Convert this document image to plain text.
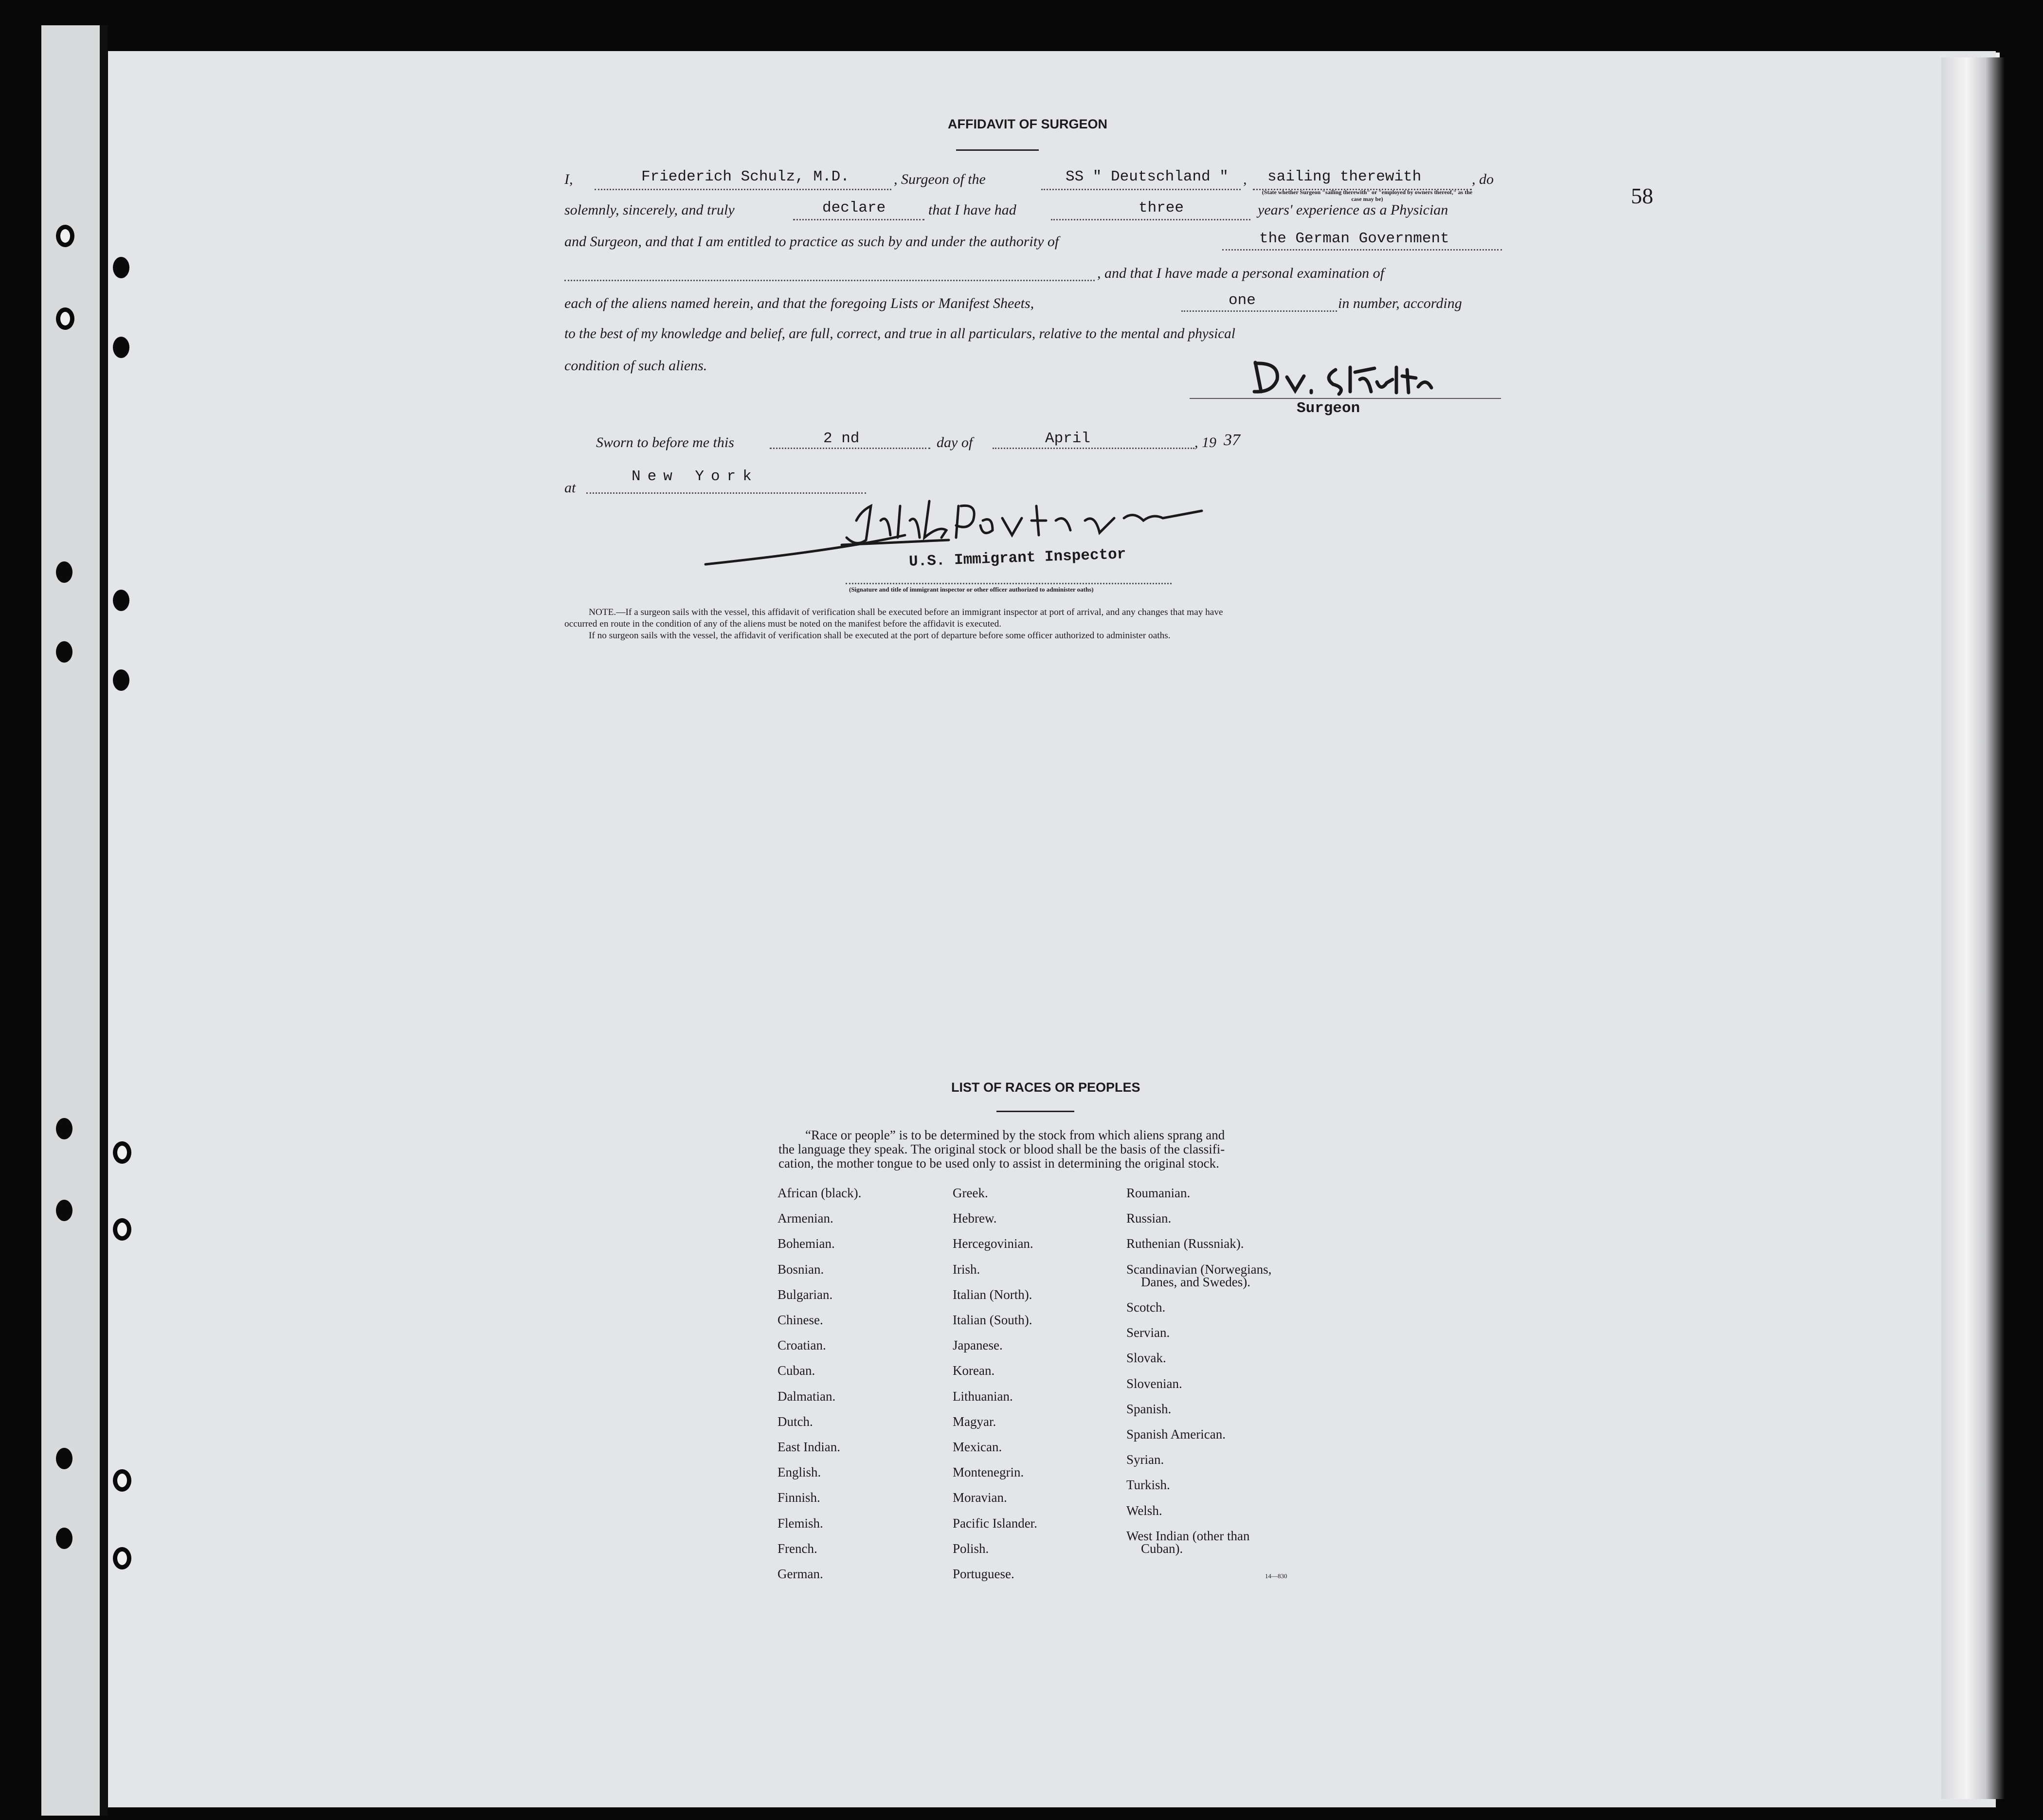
58
AFFIDAVIT OF SURGEON
I,	Friederich Schulz, M.D.	, Surgeon of the	SS " Deutschland " , sailing therewith	, do
(State whether Surgeon "sailing therewith" or "employed by owners thereof," as the case may be)
solemnly, sincerely, and truly	declare	that I have had	three	years' experience as a Physician
and Surgeon, and that I am entitled to practice as such by and under the authority of	the German Government
, and that I have made a personal examination of
each of the aliens named herein, and that the foregoing Lists or Manifest Sheets,	one	in number, according
to the best of my knowledge and belief, are full, correct, and true in all particulars, relative to the mental and physical
condition of such aliens.
Surgeon
Sworn to before me this	2 nd	day of	April	, 19 37
at
New York
U.S. Immigrant Inspector
(Signature and title of immigrant inspector or other officer authorized to administer oaths)
NOTE.—If a surgeon sails with the vessel, this affidavit of verification shall be executed before an immigrant inspector at port of arrival, and any changes that may have
occurred en route in the condition of any of the aliens must be noted on the manifest before the affidavit is executed.
If no surgeon sails with the vessel, the affidavit of verification shall be executed at the port of departure before some officer authorized to administer oaths.
LIST OF RACES OR PEOPLES
“Race or people” is to be determined by the stock from which aliens sprang and
the language they speak. The original stock or blood shall be the basis of the classifi-
cation, the mother tongue to be used only to assist in determining the original stock.
African (black).
Armenian.
Bohemian.
Bosnian.
Bulgarian.
Chinese.
Croatian.
Cuban.
Dalmatian.
Dutch.
East Indian.
English.
Finnish.
Flemish.
French.
German.
Greek.
Hebrew.
Hercegovinian.
Irish.
Italian (North).
Italian (South).
Japanese.
Korean.
Lithuanian.
Magyar.
Mexican.
Montenegrin.
Moravian.
Pacific Islander.
Polish.
Portuguese.
Roumanian.
Russian.
Ruthenian (Russniak).
Scandinavian (Norwegians,
Danes, and Swedes).
Scotch.
Servian.
Slovak.
Slovenian.
Spanish.
Spanish American.
Syrian.
Turkish.
Welsh.
West Indian (other than
Cuban).
14—830
